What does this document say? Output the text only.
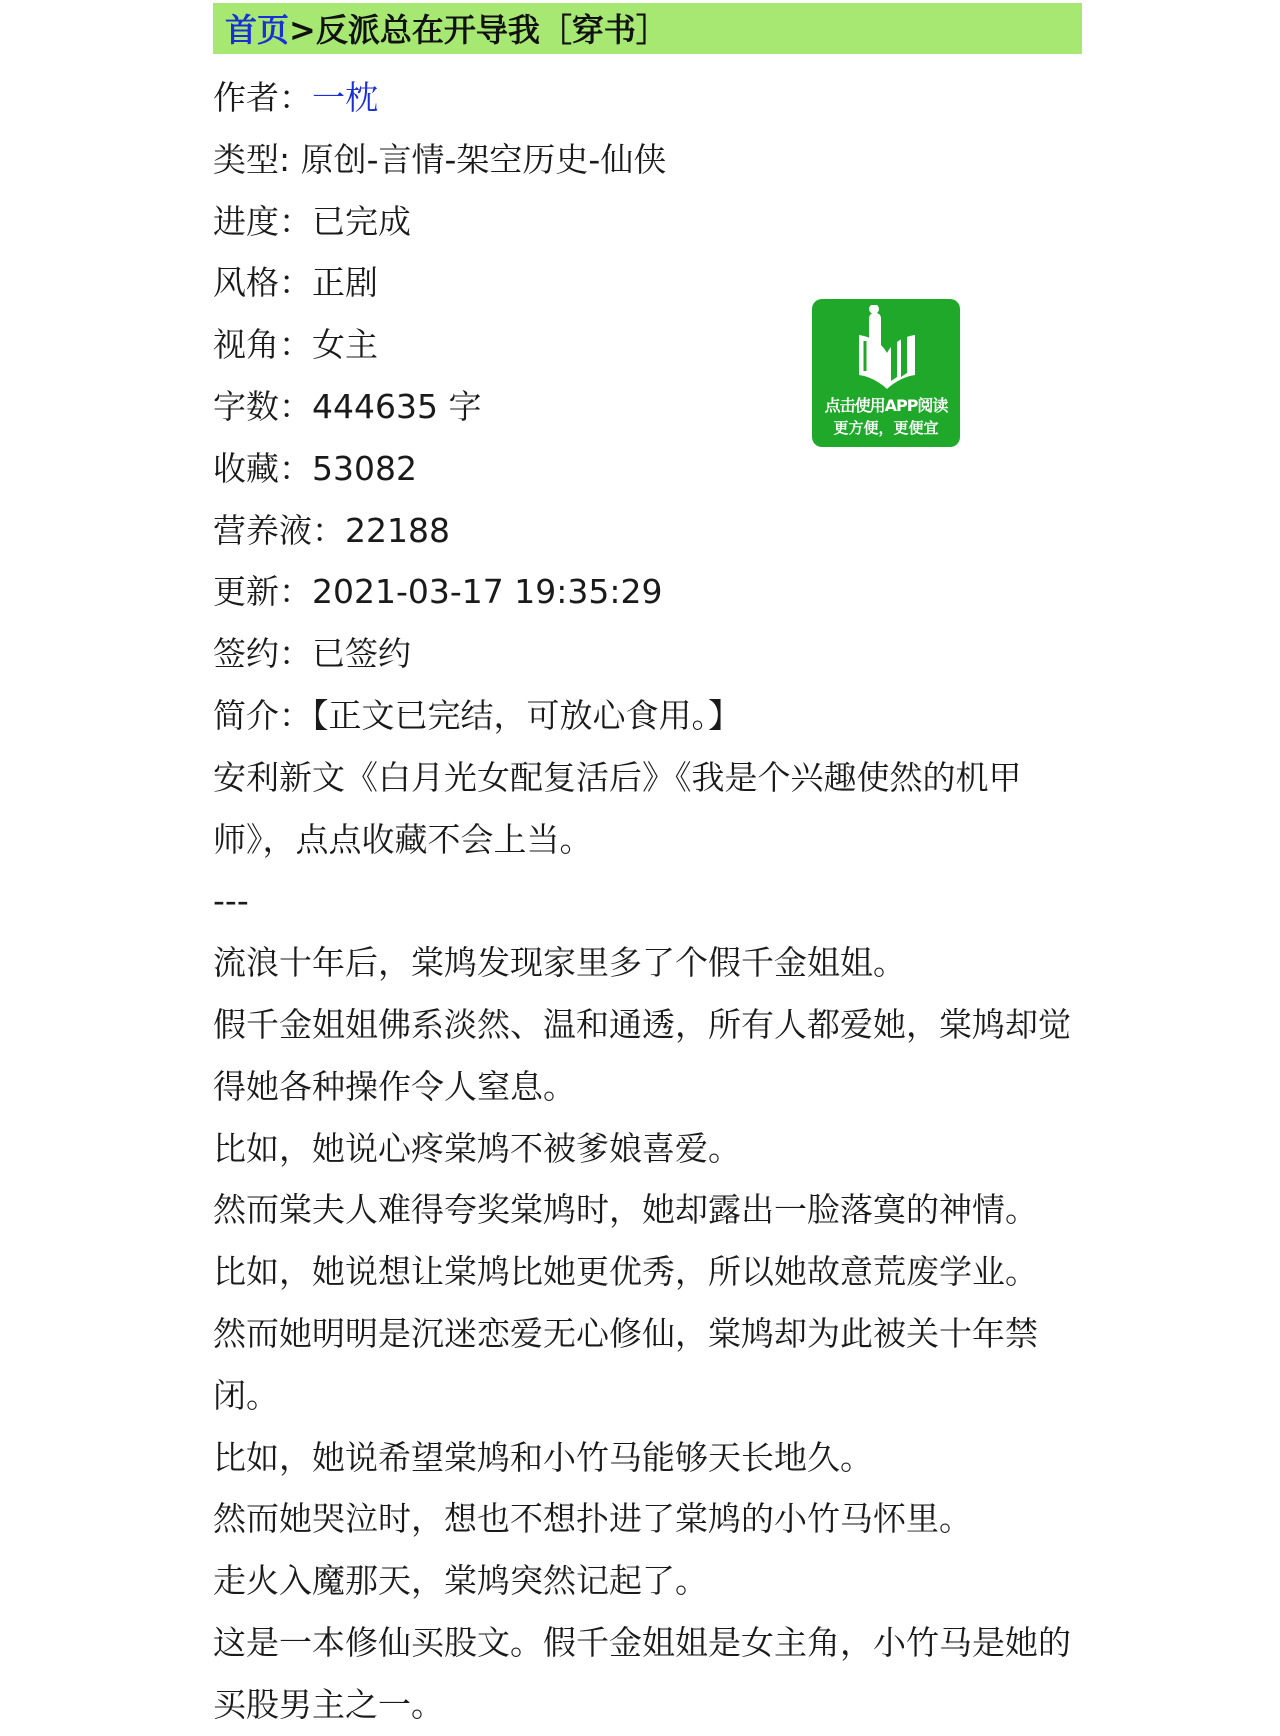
首页>反派总在开导我［穿书］
作者：一枕
类型: 原创-言情-架空历史-仙侠
进度：已完成
风格：正剧
视角：女主
字数：444635 字
收藏：53082
营养液：22188
更新：2021-03-17 19:35:29
签约：已签约
简介：【正文已完结，可放心食用。】
安利新文《白月光女配复活后》《我是个兴趣使然的机甲师》，点点收藏不会上当。
---
流浪十年后，棠鸠发现家里多了个假千金姐姐。
假千金姐姐佛系淡然、温和通透，所有人都爱她，棠鸠却觉得她各种操作令人窒息。
比如，她说心疼棠鸠不被爹娘喜爱。
然而棠夫人难得夸奖棠鸠时，她却露出一脸落寞的神情。
比如，她说想让棠鸠比她更优秀，所以她故意荒废学业。
然而她明明是沉迷恋爱无心修仙，棠鸠却为此被关十年禁闭。
比如，她说希望棠鸠和小竹马能够天长地久。
然而她哭泣时，想也不想扑进了棠鸠的小竹马怀里。
走火入魔那天，棠鸠突然记起了。
这是一本修仙买股文。假千金姐姐是女主角，小竹马是她的买股男主之一。
点击使用APP阅读
更方便，更便宜
